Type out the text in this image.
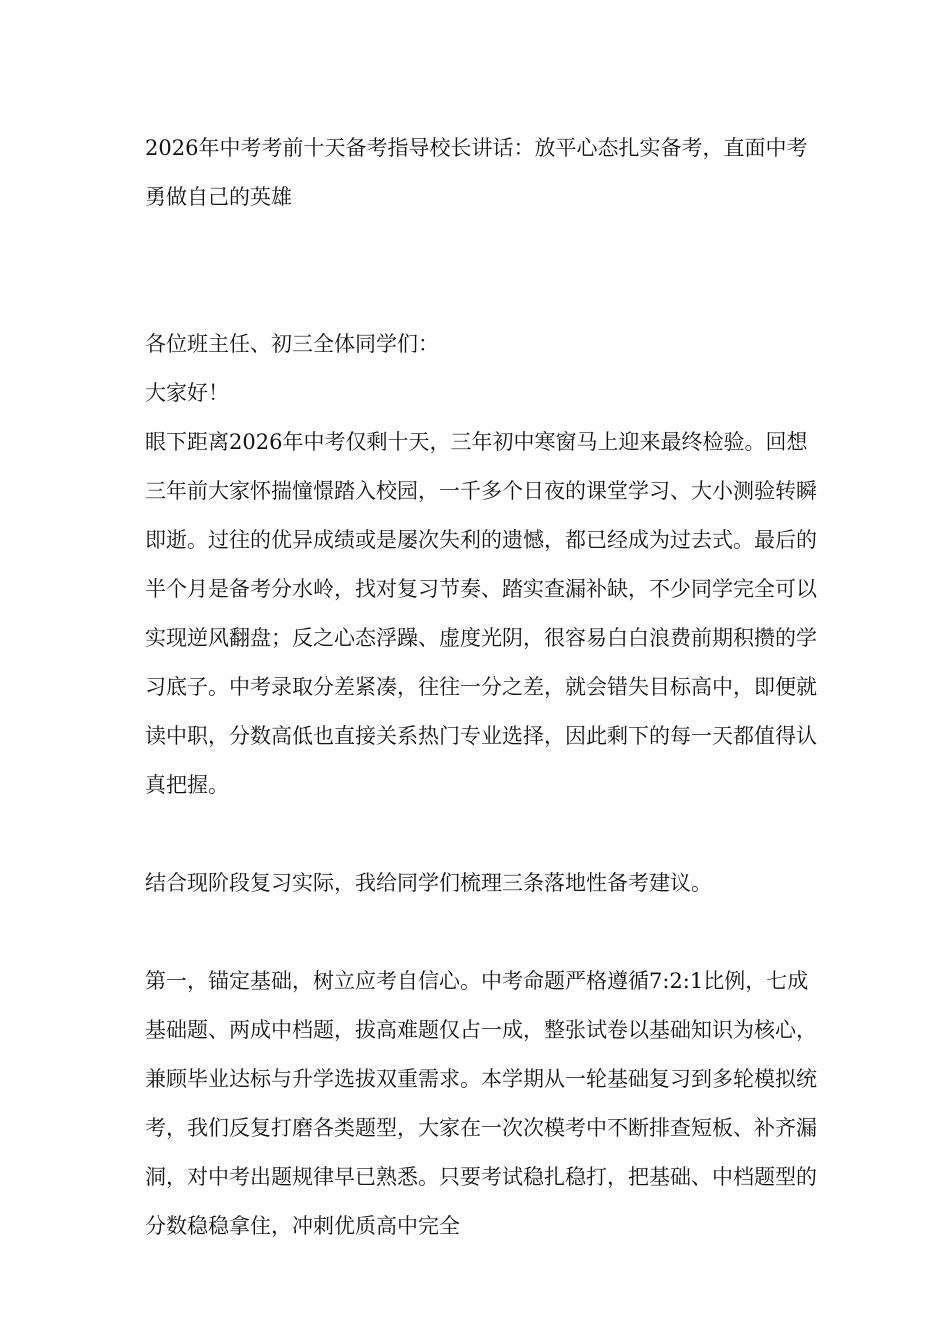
2026年中考考前十天备考指导校长讲话：放平心态扎实备考，直面中考勇做自己的英雄

各位班主任、初三全体同学们：

大家好！

眼下距离2026年中考仅剩十天，三年初中寒窗马上迎来最终检验。回想三年前大家怀揣憧憬踏入校园，一千多个日夜的课堂学习、大小测验转瞬即逝。过往的优异成绩或是屡次失利的遗憾，都已经成为过去式。最后的半个月是备考分水岭，找对复习节奏、踏实查漏补缺，不少同学完全可以实现逆风翻盘；反之心态浮躁、虚度光阴，很容易白白浪费前期积攒的学习底子。中考录取分差紧凑，往往一分之差，就会错失目标高中，即便就读中职，分数高低也直接关系热门专业选择，因此剩下的每一天都值得认真把握。

结合现阶段复习实际，我给同学们梳理三条落地性备考建议。

第一，锚定基础，树立应考自信心。中考命题严格遵循7:2:1比例，七成基础题、两成中档题，拔高难题仅占一成，整张试卷以基础知识为核心，兼顾毕业达标与升学选拔双重需求。本学期从一轮基础复习到多轮模拟统考，我们反复打磨各类题型，大家在一次次模考中不断排查短板、补齐漏洞，对中考出题规律早已熟悉。只要考试稳扎稳打，把基础、中档题型的分数稳稳拿住，冲刺优质高中完全
